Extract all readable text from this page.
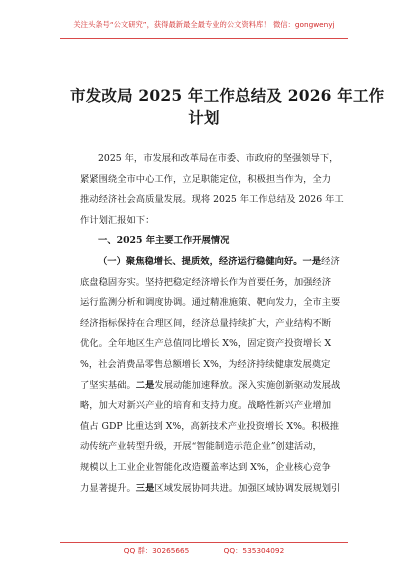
关注头条号“公文研究”，获得最新最全最专业的公文资料库！ 微信：gongwenyj
市发改局 2025 年工作总结及 2026 年工作
计划
2025 年，市发展和改革局在市委、市政府的坚强领导下，
紧紧围绕全市中心工作，立足职能定位，积极担当作为，全力
推动经济社会高质量发展。现将 2025 年工作总结及 2026 年工
作计划汇报如下：
一、2025 年主要工作开展情况
（一）聚焦稳增长、提质效，经济运行稳健向好。一是经济
底盘稳固夯实。坚持把稳定经济增长作为首要任务，加强经济
运行监测分析和调度协调。通过精准施策、靶向发力，全市主要
经济指标保持在合理区间，经济总量持续扩大，产业结构不断
优化。全年地区生产总值同比增长 X%，固定资产投资增长 X
%，社会消费品零售总额增长 X%，为经济持续健康发展奠定
了坚实基础。二是发展动能加速释放。深入实施创新驱动发展战
略，加大对新兴产业的培育和支持力度。战略性新兴产业增加
值占 GDP 比重达到 X%，高新技术产业投资增长 X%。积极推
动传统产业转型升级，开展“智能制造示范企业”创建活动，
规模以上工业企业智能化改造覆盖率达到 X%，企业核心竞争
力显著提升。三是区域发展协同共进。加强区域协调发展规划引
QQ 群：30265665	QQ：535304092
